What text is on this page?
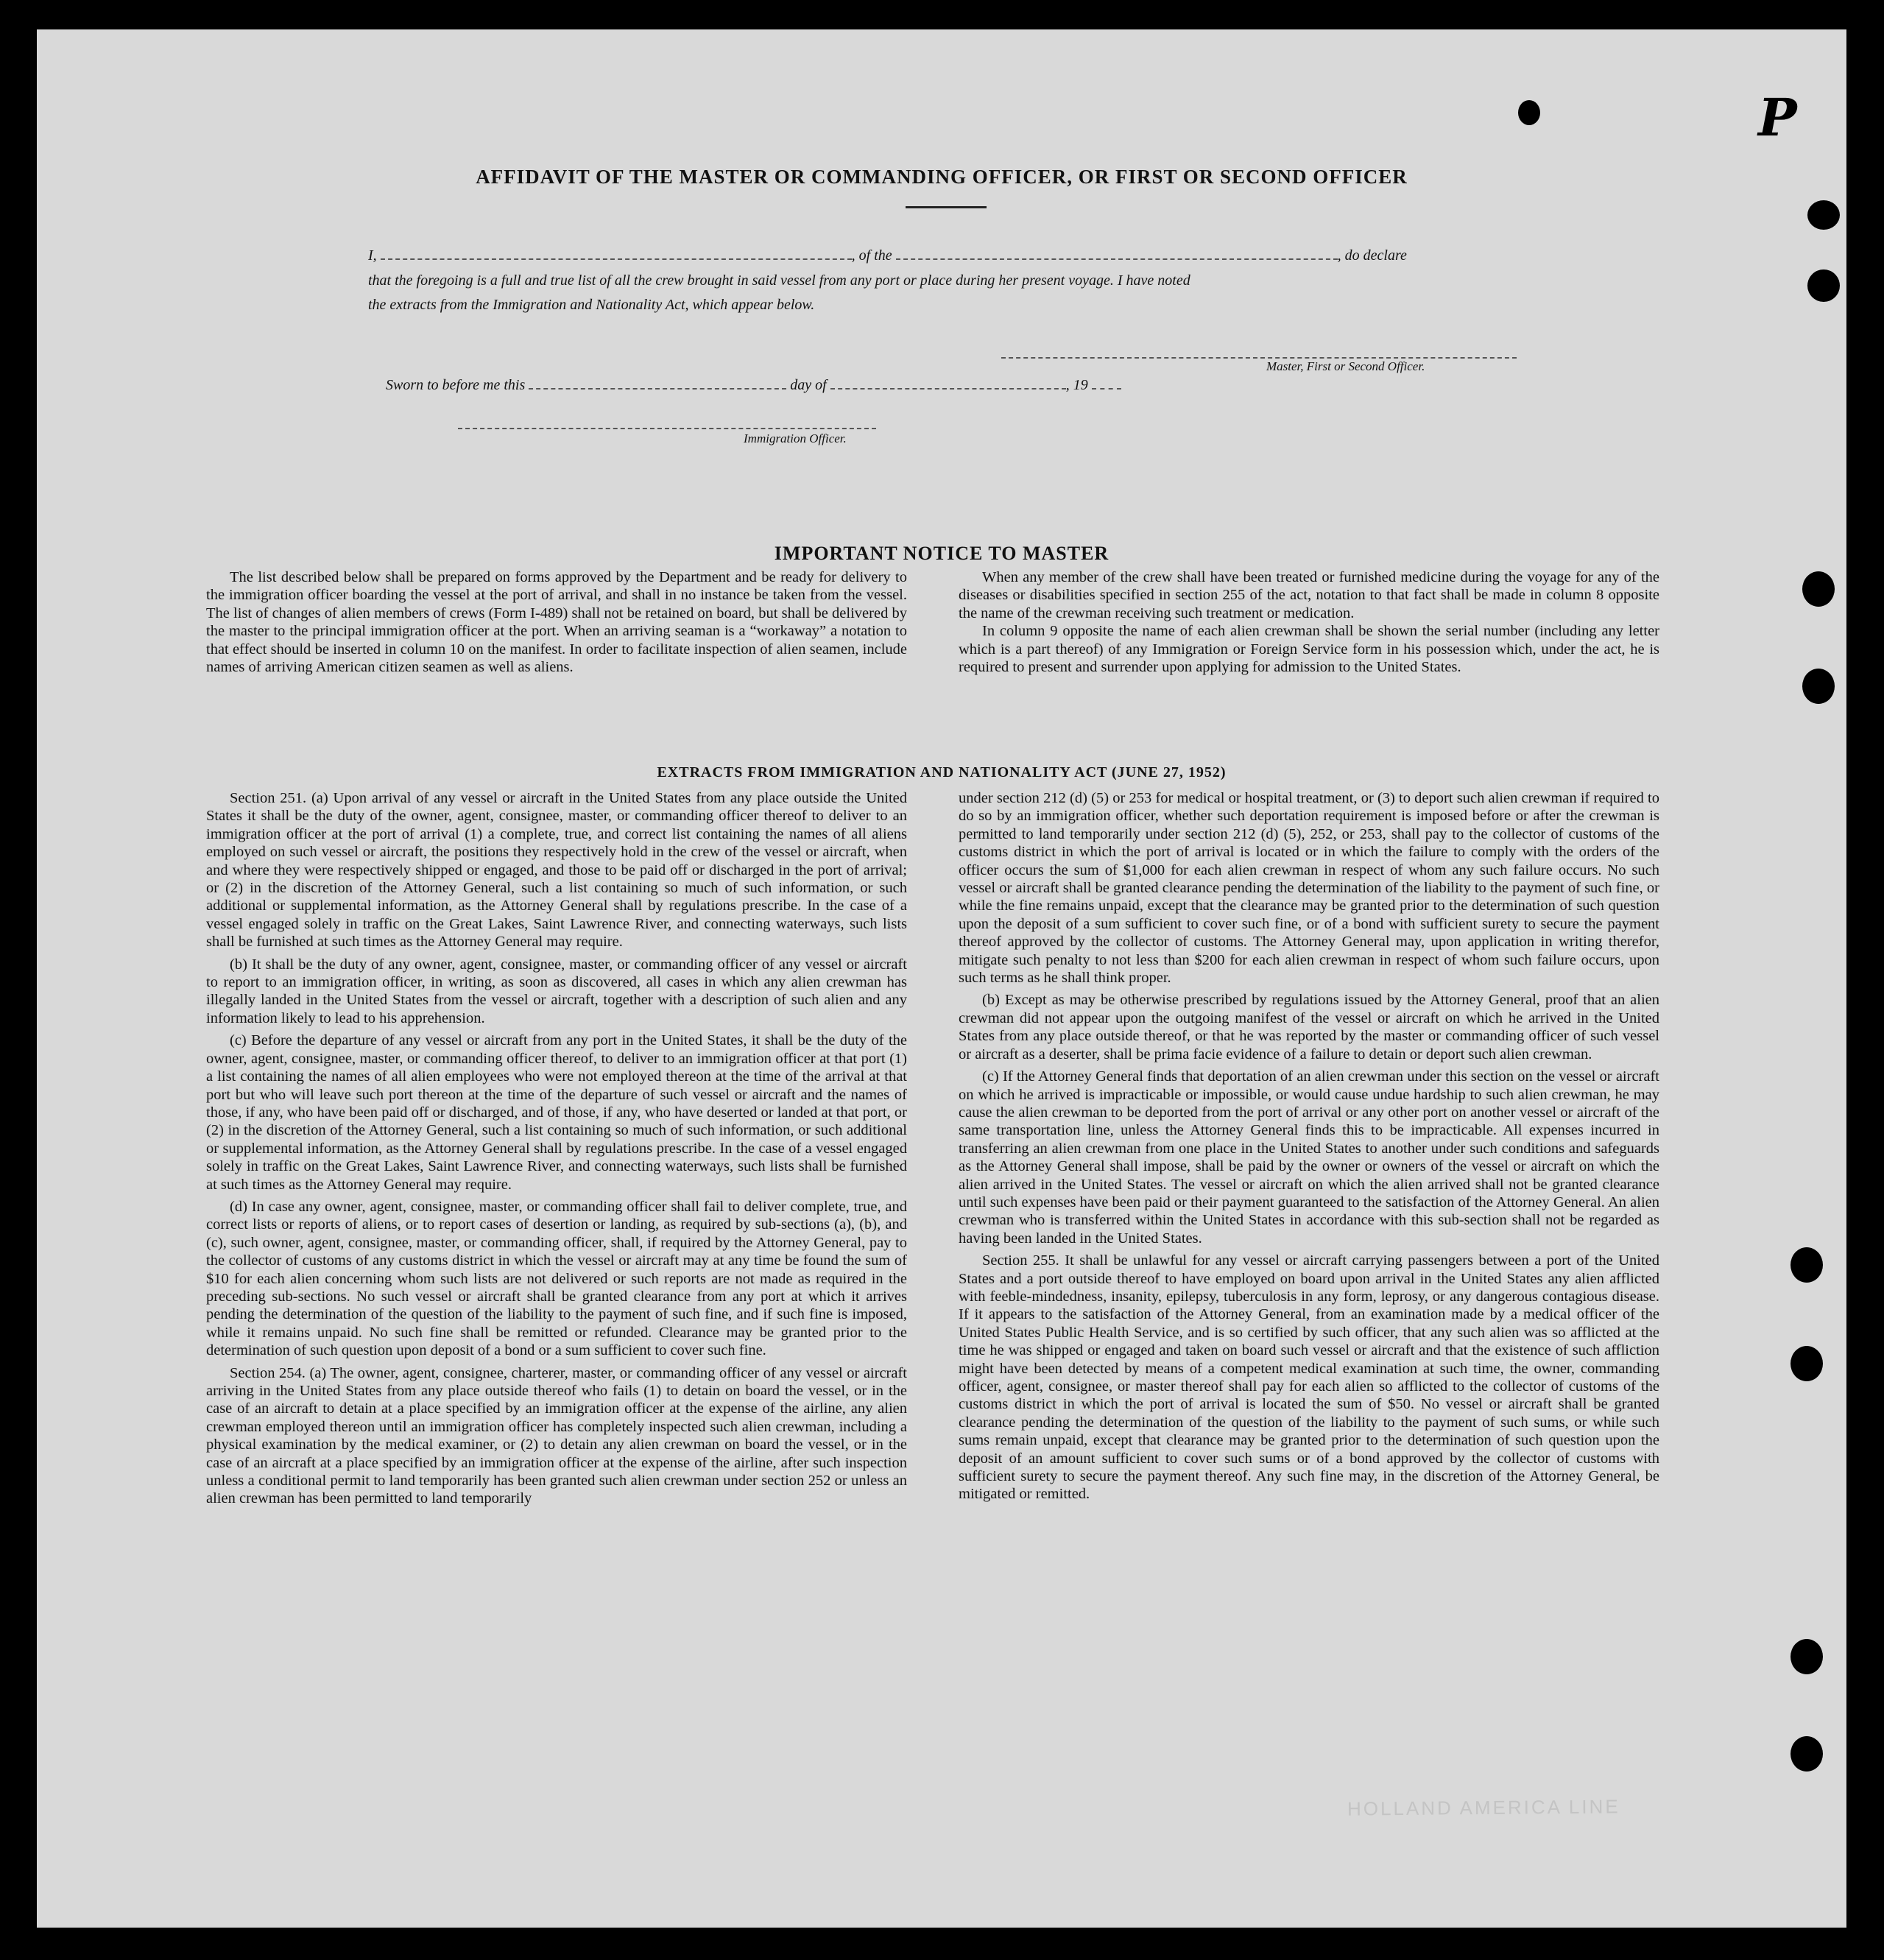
P
HOLLAND AMERICA LINE
AFFIDAVIT OF THE MASTER OR COMMANDING OFFICER, OR FIRST OR SECOND OFFICER
I,	, of the	, do declare
that the foregoing is a full and true list of all the crew brought in said vessel from any port or place during her present voyage. I have noted
the extracts from the Immigration and Nationality Act, which appear below.
Master, First or Second Officer.
Sworn to before me this	day of	, 19
Immigration Officer.
IMPORTANT NOTICE TO MASTER

The list described below shall be prepared on forms approved by the Department and be ready for delivery to the immigration officer boarding the vessel at the port of arrival, and shall in no instance be taken from the vessel. The list of changes of alien members of crews (Form I-489) shall not be retained on board, but shall be delivered by the master to the principal immigration officer at the port. When an arriving seaman is a “workaway” a notation to that effect should be inserted in column 10 on the manifest. In order to facilitate inspection of alien seamen, include names of arriving American citizen seamen as well as aliens.

When any member of the crew shall have been treated or furnished medicine during the voyage for any of the diseases or disabilities specified in section 255 of the act, notation to that fact shall be made in column 8 opposite the name of the crewman receiving such treatment or medication.

In column 9 opposite the name of each alien crewman shall be shown the serial number (including any letter which is a part thereof) of any Immigration or Foreign Service form in his possession which, under the act, he is required to present and surrender upon applying for admission to the United States.

EXTRACTS FROM IMMIGRATION AND NATIONALITY ACT (JUNE 27, 1952)

Section 251. (a) Upon arrival of any vessel or aircraft in the United States from any place outside the United States it shall be the duty of the owner, agent, consignee, master, or commanding officer thereof to deliver to an immigration officer at the port of arrival (1) a complete, true, and correct list containing the names of all aliens employed on such vessel or aircraft, the positions they respectively hold in the crew of the vessel or aircraft, when and where they were respectively shipped or engaged, and those to be paid off or discharged in the port of arrival; or (2) in the discretion of the Attorney General, such a list containing so much of such information, or such additional or supplemental information, as the Attorney General shall by regulations prescribe. In the case of a vessel engaged solely in traffic on the Great Lakes, Saint Lawrence River, and connecting waterways, such lists shall be furnished at such times as the Attorney General may require.

(b) It shall be the duty of any owner, agent, consignee, master, or commanding officer of any vessel or aircraft to report to an immigration officer, in writing, as soon as discovered, all cases in which any alien crewman has illegally landed in the United States from the vessel or aircraft, together with a description of such alien and any information likely to lead to his apprehension.

(c) Before the departure of any vessel or aircraft from any port in the United States, it shall be the duty of the owner, agent, consignee, master, or commanding officer thereof, to deliver to an immigration officer at that port (1) a list containing the names of all alien employees who were not employed thereon at the time of the arrival at that port but who will leave such port thereon at the time of the departure of such vessel or aircraft and the names of those, if any, who have been paid off or discharged, and of those, if any, who have deserted or landed at that port, or (2) in the discretion of the Attorney General, such a list containing so much of such information, or such additional or supplemental information, as the Attorney General shall by regulations prescribe. In the case of a vessel engaged solely in traffic on the Great Lakes, Saint Lawrence River, and connecting waterways, such lists shall be furnished at such times as the Attorney General may require.

(d) In case any owner, agent, consignee, master, or commanding officer shall fail to deliver complete, true, and correct lists or reports of aliens, or to report cases of desertion or landing, as required by sub-sections (a), (b), and (c), such owner, agent, consignee, master, or commanding officer, shall, if required by the Attorney General, pay to the collector of customs of any customs district in which the vessel or aircraft may at any time be found the sum of $10 for each alien concerning whom such lists are not delivered or such reports are not made as required in the preceding sub-sections. No such vessel or aircraft shall be granted clearance from any port at which it arrives pending the determination of the question of the liability to the payment of such fine, and if such fine is imposed, while it remains unpaid. No such fine shall be remitted or refunded. Clearance may be granted prior to the determination of such question upon deposit of a bond or a sum sufficient to cover such fine.

Section 254. (a) The owner, agent, consignee, charterer, master, or commanding officer of any vessel or aircraft arriving in the United States from any place outside thereof who fails (1) to detain on board the vessel, or in the case of an aircraft to detain at a place specified by an immigration officer at the expense of the airline, any alien crewman employed thereon until an immigration officer has completely inspected such alien crewman, including a physical examination by the medical examiner, or (2) to detain any alien crewman on board the vessel, or in the case of an aircraft at a place specified by an immigration officer at the expense of the airline, after such inspection unless a conditional permit to land temporarily has been granted such alien crewman under section 252 or unless an alien crewman has been permitted to land temporarily

under section 212 (d) (5) or 253 for medical or hospital treatment, or (3) to deport such alien crewman if required to do so by an immigration officer, whether such deportation requirement is imposed before or after the crewman is permitted to land temporarily under section 212 (d) (5), 252, or 253, shall pay to the collector of customs of the customs district in which the port of arrival is located or in which the failure to comply with the orders of the officer occurs the sum of $1,000 for each alien crewman in respect of whom any such failure occurs. No such vessel or aircraft shall be granted clearance pending the determination of the liability to the payment of such fine, or while the fine remains unpaid, except that the clearance may be granted prior to the determination of such question upon the deposit of a sum sufficient to cover such fine, or of a bond with sufficient surety to secure the payment thereof approved by the collector of customs. The Attorney General may, upon application in writing therefor, mitigate such penalty to not less than $200 for each alien crewman in respect of whom such failure occurs, upon such terms as he shall think proper.

(b) Except as may be otherwise prescribed by regulations issued by the Attorney General, proof that an alien crewman did not appear upon the outgoing manifest of the vessel or aircraft on which he arrived in the United States from any place outside thereof, or that he was reported by the master or commanding officer of such vessel or aircraft as a deserter, shall be prima facie evidence of a failure to detain or deport such alien crewman.

(c) If the Attorney General finds that deportation of an alien crewman under this section on the vessel or aircraft on which he arrived is impracticable or impossible, or would cause undue hardship to such alien crewman, he may cause the alien crewman to be deported from the port of arrival or any other port on another vessel or aircraft of the same transportation line, unless the Attorney General finds this to be impracticable. All expenses incurred in transferring an alien crewman from one place in the United States to another under such conditions and safeguards as the Attorney General shall impose, shall be paid by the owner or owners of the vessel or aircraft on which the alien arrived in the United States. The vessel or aircraft on which the alien arrived shall not be granted clearance until such expenses have been paid or their payment guaranteed to the satisfaction of the Attorney General. An alien crewman who is transferred within the United States in accordance with this sub-section shall not be regarded as having been landed in the United States.

Section 255. It shall be unlawful for any vessel or aircraft carrying passengers between a port of the United States and a port outside thereof to have employed on board upon arrival in the United States any alien afflicted with feeble-mindedness, insanity, epilepsy, tuberculosis in any form, leprosy, or any dangerous contagious disease. If it appears to the satisfaction of the Attorney General, from an examination made by a medical officer of the United States Public Health Service, and is so certified by such officer, that any such alien was so afflicted at the time he was shipped or engaged and taken on board such vessel or aircraft and that the existence of such affliction might have been detected by means of a competent medical examination at such time, the owner, commanding officer, agent, consignee, or master thereof shall pay for each alien so afflicted to the collector of customs of the customs district in which the port of arrival is located the sum of $50. No vessel or aircraft shall be granted clearance pending the determination of the question of the liability to the payment of such sums, or while such sums remain unpaid, except that clearance may be granted prior to the determination of such question upon the deposit of an amount sufficient to cover such sums or of a bond approved by the collector of customs with sufficient surety to secure the payment thereof. Any such fine may, in the discretion of the Attorney General, be mitigated or remitted.
